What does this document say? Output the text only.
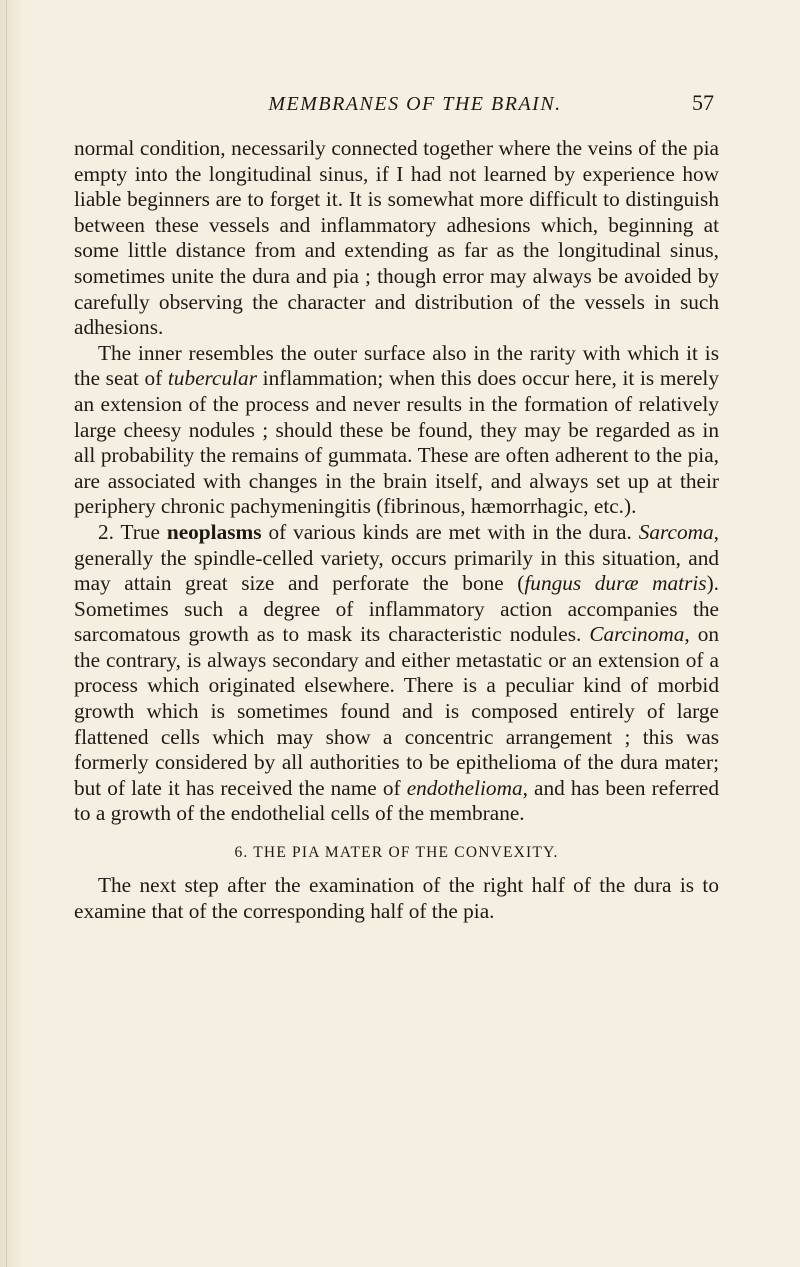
MEMBRANES OF THE BRAIN.	57

normal condition, necessarily connected together where the veins of the pia empty into the longitudinal sinus, if I had not learned by experience how liable beginners are to forget it. It is somewhat more difficult to distinguish between these vessels and inflammatory adhesions which, beginning at some little distance from and extending as far as the longitudinal sinus, sometimes unite the dura and pia ; though error may always be avoided by carefully observing the character and distribution of the vessels in such adhesions.

The inner resembles the outer surface also in the rarity with which it is the seat of tubercular inflammation; when this does occur here, it is merely an extension of the process and never results in the formation of relatively large cheesy nodules ; should these be found, they may be regarded as in all probability the remains of gummata. These are often adherent to the pia, are associated with changes in the brain itself, and always set up at their periphery chronic pachymeningitis (fibrinous, hæmorrhagic, etc.).

2. True neoplasms of various kinds are met with in the dura. Sarcoma, generally the spindle-celled variety, occurs primarily in this situation, and may attain great size and perforate the bone (fungus duræ matris). Sometimes such a degree of inflammatory action accompanies the sarcomatous growth as to mask its characteristic nodules. Carcinoma, on the contrary, is always secondary and either metastatic or an extension of a process which originated elsewhere. There is a peculiar kind of morbid growth which is sometimes found and is composed entirely of large flattened cells which may show a concentric arrangement ; this was formerly considered by all authorities to be epithelioma of the dura mater; but of late it has received the name of endothelioma, and has been referred to a growth of the endothelial cells of the membrane.

6. THE PIA MATER OF THE CONVEXITY.

The next step after the examination of the right half of the dura is to examine that of the corresponding half of the pia.
